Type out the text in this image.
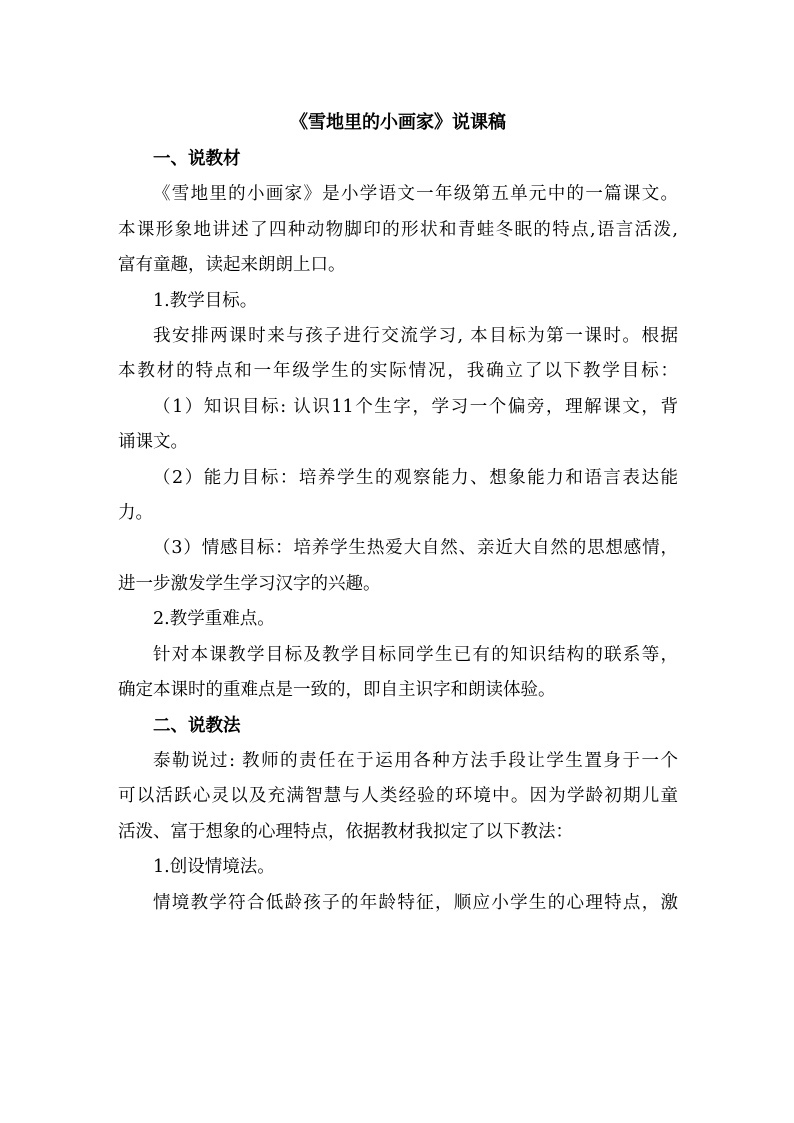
《雪地里的小画家》说课稿

一、说教材

《雪地里的小画家》是小学语文一年级第五单元中的一篇课文。

本课形象地讲述了四种动物脚印的形状和青蛙冬眠的特点,语言活泼,

富有童趣，读起来朗朗上口。

1.教学目标。

我安排两课时来与孩子进行交流学习, 本目标为第一课时。根据

本教材的特点和一年级学生的实际情况，我确立了以下教学目标：

（1）知识目标: 认识11个生字，学习一个偏旁，理解课文，背

诵课文。

（2）能力目标：培养学生的观察能力、想象能力和语言表达能

力。

（3）情感目标：培养学生热爱大自然、亲近大自然的思想感情，

进一步激发学生学习汉字的兴趣。

2.教学重难点。

针对本课教学目标及教学目标同学生已有的知识结构的联系等，

确定本课时的重难点是一致的，即自主识字和朗读体验。

二、说教法

泰勒说过: 教师的责任在于运用各种方法手段让学生置身于一个

可以活跃心灵以及充满智慧与人类经验的环境中。因为学龄初期儿童

活泼、富于想象的心理特点，依据教材我拟定了以下教法：

1.创设情境法。

情境教学符合低龄孩子的年龄特征，顺应小学生的心理特点，激
